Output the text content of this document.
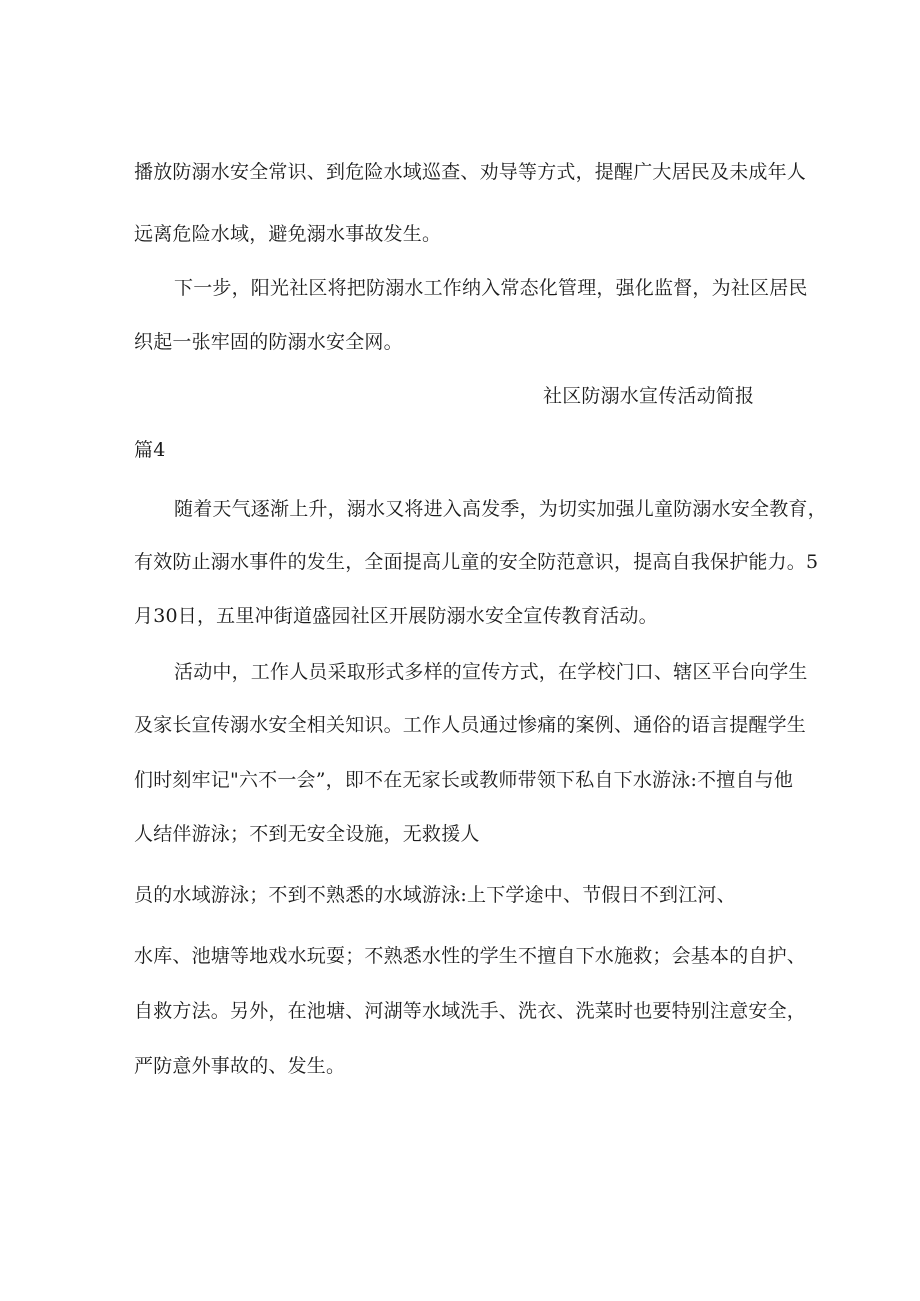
播放防溺水安全常识、到危险水域巡查、劝导等方式，提醒广大居民及未成年人
远离危险水域，避免溺水事故发生。
下一步，阳光社区将把防溺水工作纳入常态化管理，强化监督，为社区居民
织起一张牢固的防溺水安全网。
社区防溺水宣传活动简报
篇4
随着天气逐渐上升，溺水又将进入高发季，为切实加强儿童防溺水安全教育，
有效防止溺水事件的发生，全面提高儿童的安全防范意识，提高自我保护能力。5
月30日，五里冲街道盛园社区开展防溺水安全宣传教育活动。
活动中，工作人员采取形式多样的宣传方式，在学校门口、辖区平台向学生
及家长宣传溺水安全相关知识。工作人员通过惨痛的案例、通俗的语言提醒学生
们时刻牢记"六不一会”，即不在无家长或教师带领下私自下水游泳:不擅自与他
人结伴游泳；不到无安全设施，无救援人
员的水域游泳；不到不熟悉的水域游泳:上下学途中、节假日不到江河、
水库、池塘等地戏水玩耍；不熟悉水性的学生不擅自下水施救；会基本的自护、
自救方法。另外，在池塘、河湖等水域洗手、洗衣、洗菜时也要特别注意安全，
严防意外事故的、发生。
